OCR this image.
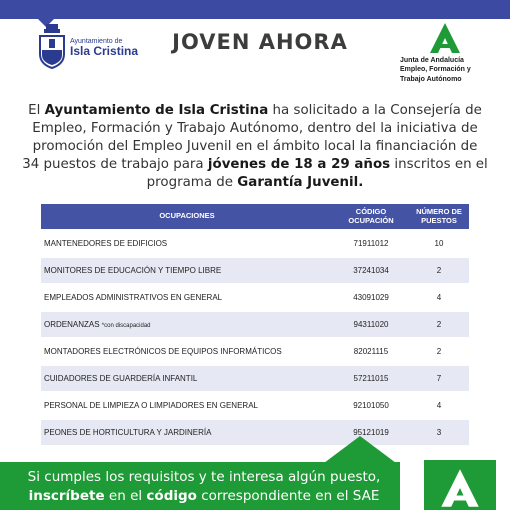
Ayuntamiento de
Isla Cristina	JOVEN AHORA
Junta de Andalucía
Empleo, Formación y
Trabajo Autónomo
El Ayuntamiento de Isla Cristina ha solicitado a la Consejería de Empleo, Formación y Trabajo Autónomo, dentro del la iniciativa de promoción del Empleo Juvenil en el ámbito local la financiación de 34 puestos de trabajo para jóvenes de 18 a 29 años inscritos en el programa de Garantía Juvenil.
OCUPACIONES	CÓDIGO OCUPACIÓN	NÚMERO DE PUESTOS
MANTENEDORES DE EDIFICIOS	71911012	10
MONITORES DE EDUCACIÓN Y TIEMPO LIBRE	37241034	2
EMPLEADOS ADMINISTRATIVOS EN GENERAL	43091029	4
ORDENANZAS *con discapacidad	94311020	2
MONTADORES ELECTRÓNICOS DE EQUIPOS INFORMÁTICOS	82021115	2
CUIDADORES DE GUARDERÍA INFANTIL	57211015	7
PERSONAL DE LIMPIEZA O LIMPIADORES EN GENERAL	92101050	4
PEONES DE HORTICULTURA Y JARDINERÍA	95121019	3
Si cumples los requisitos y te interesa algún puesto,
inscríbete en el código correspondiente en el SAE
